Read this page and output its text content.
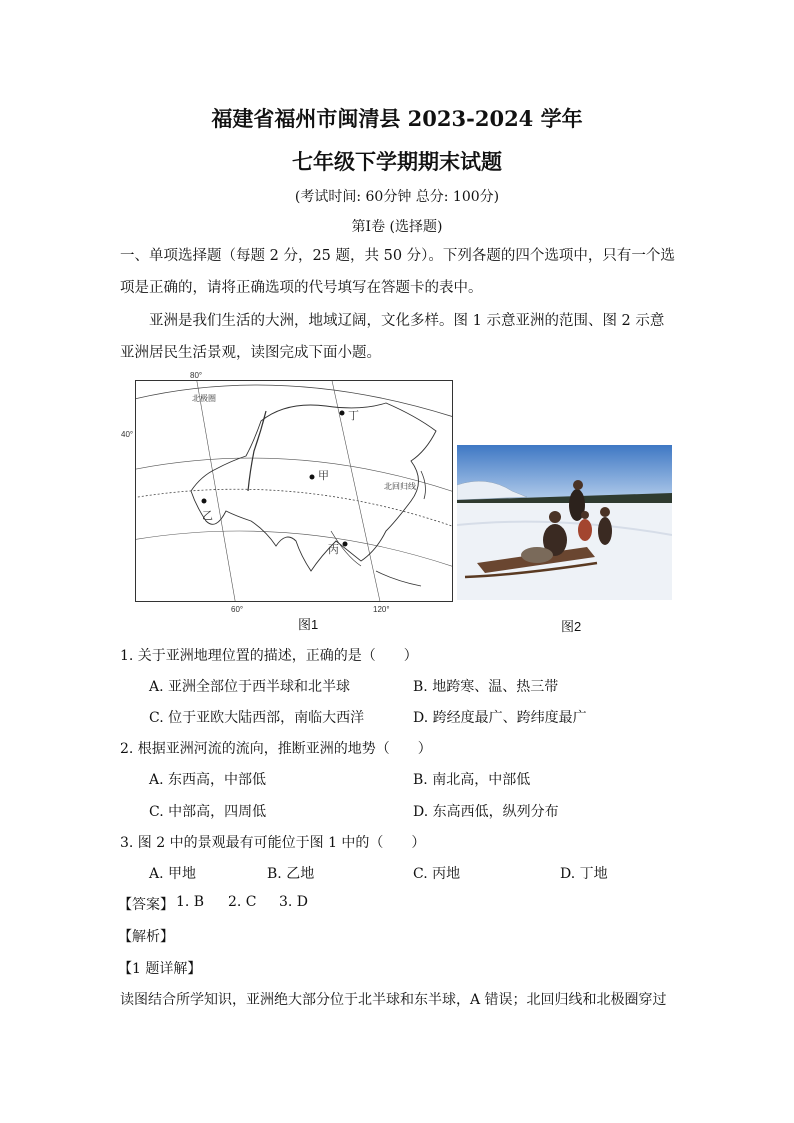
福建省福州市闽清县 2023-2024 学年
七年级下学期期末试题
(考试时间: 60分钟 总分: 100分)
第Ⅰ卷 (选择题)
一、单项选择题（每题 2 分，25 题，共 50 分）。下列各题的四个选项中，只有一个选项是正确的，请将正确选项的代号填写在答题卡的表中。
亚洲是我们生活的大洲，地域辽阔，文化多样。图 1 示意亚洲的范围、图 2 示意亚洲居民生活景观，读图完成下面小题。
丁
甲
乙
丙
北极圈
北回归线
80°
40°
60°	120°
图1	图2
1. 关于亚洲地理位置的描述，正确的是（　　）
A. 亚洲全部位于西半球和北半球	B. 地跨寒、温、热三带
C. 位于亚欧大陆西部，南临大西洋	D. 跨经度最广、跨纬度最广
2. 根据亚洲河流的流向，推断亚洲的地势（　　）
A. 东西高，中部低	B. 南北高，中部低
C. 中部高，四周低	D. 东高西低，纵列分布
3. 图 2 中的景观最有可能位于图 1 中的（　　）
A. 甲地	B. 乙地	C. 丙地	D. 丁地
【答案】 1. B 2. C 3. D
【解析】
【1 题详解】
读图结合所学知识，亚洲绝大部分位于北半球和东半球，A 错误；北回归线和北极圈穿过
